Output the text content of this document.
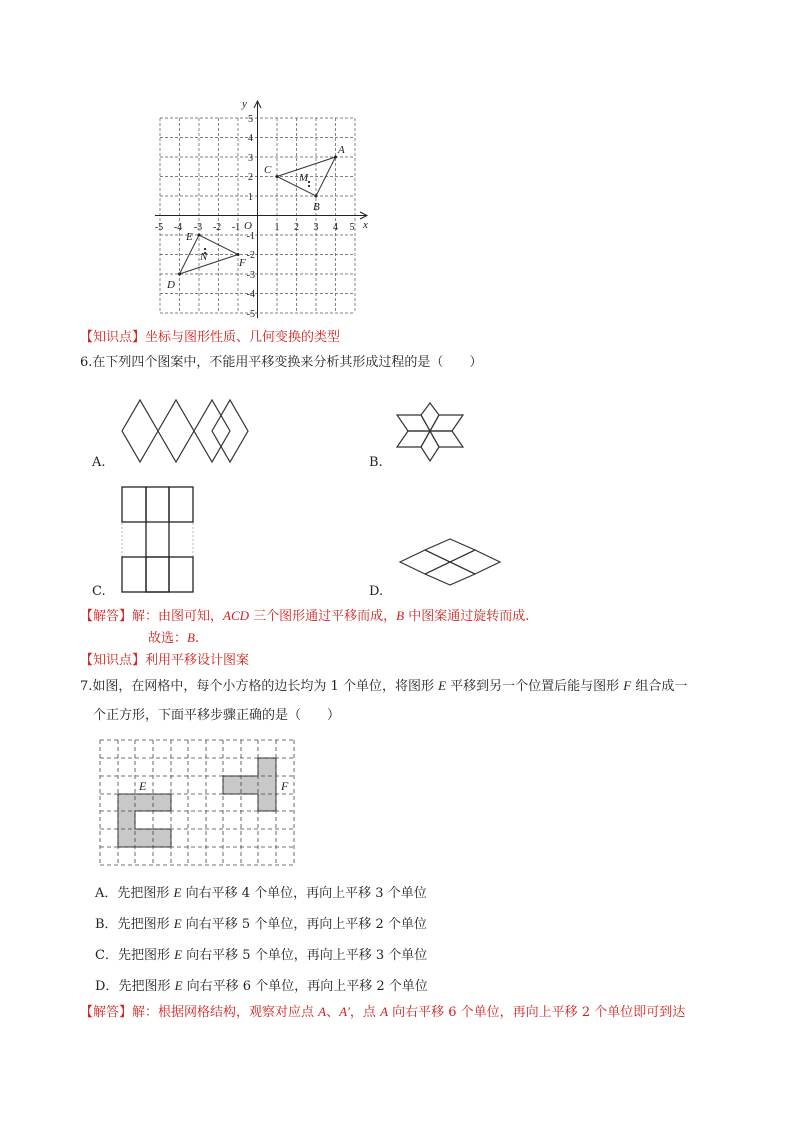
y
x
O
A
C
M
B
E
N	F
D
-5 -4 -3 -2 -1	1 2 3 4 5
5
4
3
2
1
-1
-2
-3
-4
-5
【知识点】坐标与图形性质、几何变换的类型
6.在下列四个图案中，不能用平移变换来分析其形成过程的是（　　）
A.	B.
C.	D.
【解答】解：由图可知，ACD 三个图形通过平移而成，B 中图案通过旋转而成.
故选：B.
【知识点】利用平移设计图案
7.如图，在网格中，每个小方格的边长均为 1 个单位，将图形 E 平移到另一个位置后能与图形 F 组合成一
个正方形，下面平移步骤正确的是（　　）
E	F
A．先把图形 E 向右平移 4 个单位，再向上平移 3 个单位
B．先把图形 E 向右平移 5 个单位，再向上平移 2 个单位
C．先把图形 E 向右平移 5 个单位，再向上平移 3 个单位
D．先把图形 E 向右平移 6 个单位，再向上平移 2 个单位
【解答】解：根据网格结构，观察对应点 A、A′，点 A 向右平移 6 个单位，再向上平移 2 个单位即可到达
